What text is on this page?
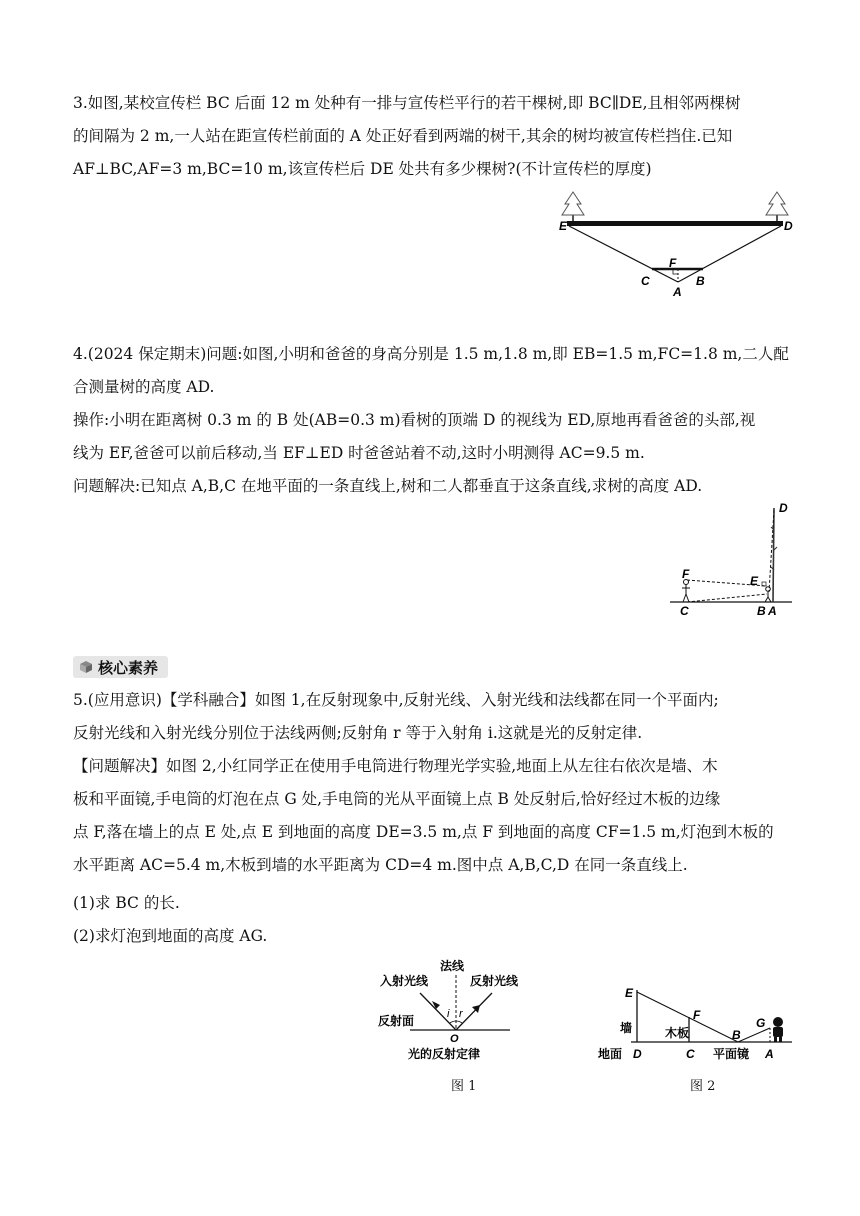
3.如图,某校宣传栏 BC 后面 12 m 处种有一排与宣传栏平行的若干棵树,即 BC∥DE,且相邻两棵树
的间隔为 2 m,一人站在距宣传栏前面的 A 处正好看到两端的树干,其余的树均被宣传栏挡住.已知
AF⊥BC,AF=3 m,BC=10 m,该宣传栏后 DE 处共有多少棵树?(不计宣传栏的厚度)
E	D
F
C	B
A
4.(2024 保定期末)问题:如图,小明和爸爸的身高分别是 1.5 m,1.8 m,即 EB=1.5 m,FC=1.8 m,二人配
合测量树的高度 AD.
操作:小明在距离树 0.3 m 的 B 处(AB=0.3 m)看树的顶端 D 的视线为 ED,原地再看爸爸的头部,视
线为 EF,爸爸可以前后移动,当 EF⊥ED 时爸爸站着不动,这时小明测得 AC=9.5 m.
问题解决:已知点 A,B,C 在地平面的一条直线上,树和二人都垂直于这条直线,求树的高度 AD.
D
F	E
C	B A
核心素养
5.(应用意识)【学科融合】如图 1,在反射现象中,反射光线、入射光线和法线都在同一个平面内;
反射光线和入射光线分别位于法线两侧;反射角 r 等于入射角 i.这就是光的反射定律.
【问题解决】如图 2,小红同学正在使用手电筒进行物理光学实验,地面上从左往右依次是墙、木
板和平面镜,手电筒的灯泡在点 G 处,手电筒的光从平面镜上点 B 处反射后,恰好经过木板的边缘
点 F,落在墙上的点 E 处,点 E 到地面的高度 DE=3.5 m,点 F 到地面的高度 CF=1.5 m,灯泡到木板的
水平距离 AC=5.4 m,木板到墙的水平距离为 CD=4 m.图中点 A,B,C,D 在同一条直线上.
(1)求 BC 的长.
(2)求灯泡到地面的高度 AG.
法线
入射光线	反射光线
i r
反射面
O
光的反射定律
图 1
E
F
B
G
墙	木板
地面 D	C 平面镜 A
图 2
